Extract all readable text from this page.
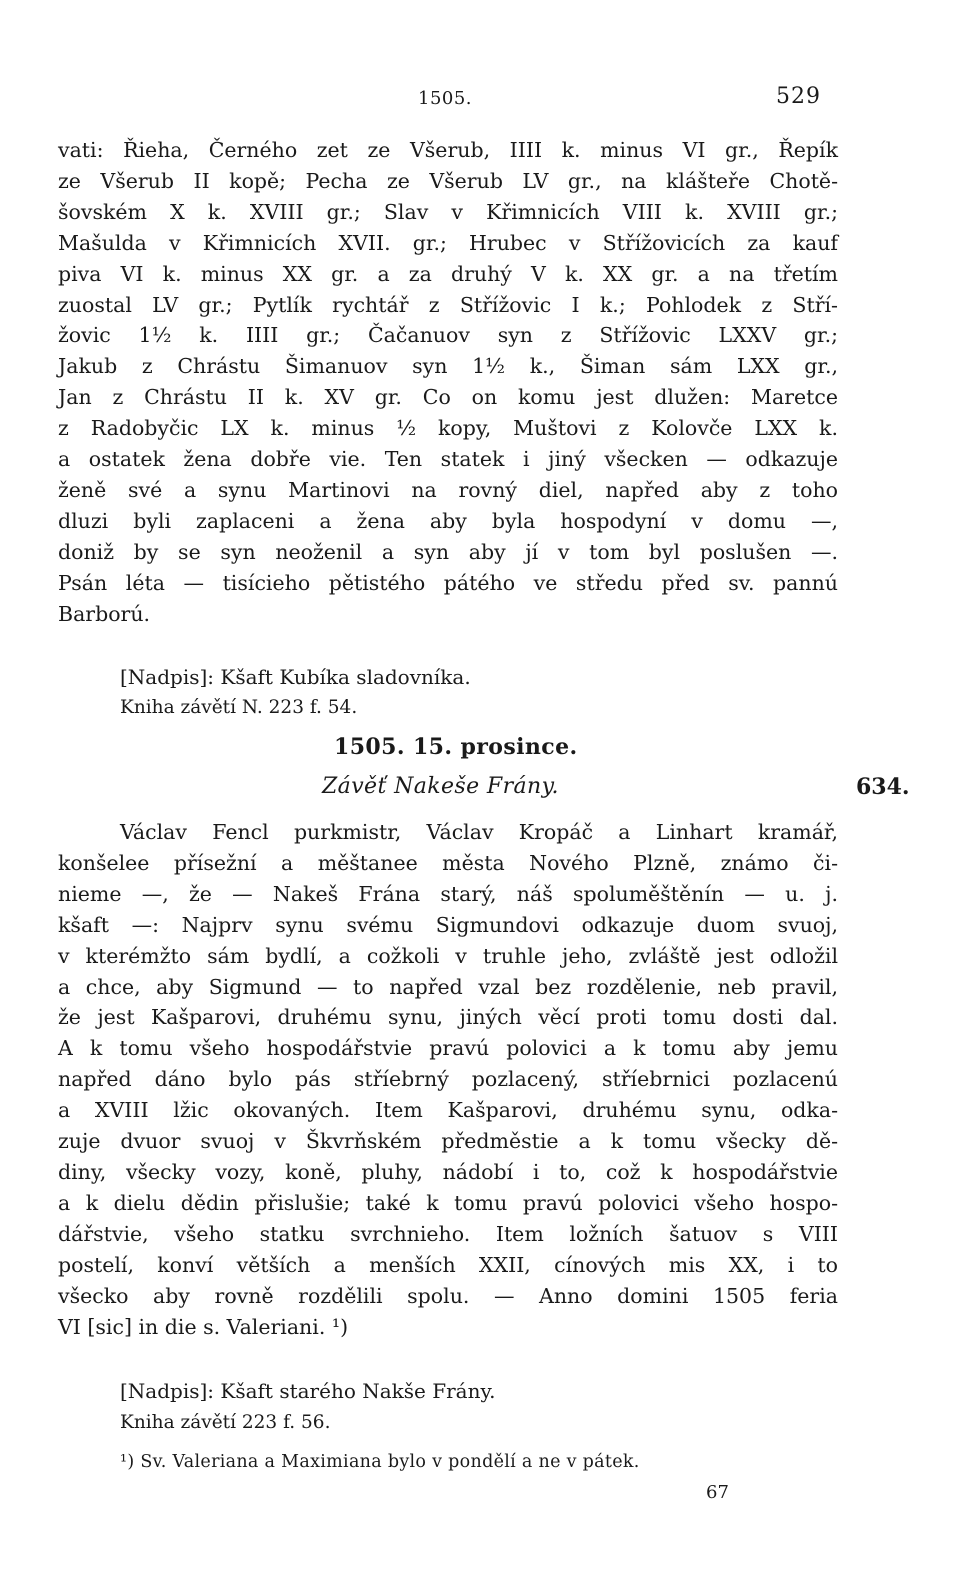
1505.	529
vati: Řieha, Černého zet ze Všerub, IIII k. minus VI gr., Řepík
ze Všerub II kopě; Pecha ze Všerub LV gr., na klášteře Chotě-
šovském X k. XVIII gr.; Slav v Křimnicích VIII k. XVIII gr.;
Mašulda v Křimnicích XVII. gr.; Hrubec v Střížovicích za kauf
piva VI k. minus XX gr. a za druhý V k. XX gr. a na třetím
zuostal LV gr.; Pytlík rychtář z Střížovic I k.; Pohlodek z Stří-
žovic 1½ k. IIII gr.; Čačanuov syn z Střížovic LXXV gr.;
Jakub z Chrástu Šimanuov syn 1½ k., Šiman sám LXX gr.,
Jan z Chrástu II k. XV gr. Co on komu jest dlužen: Maretce
z Radobyčic LX k. minus ½ kopy, Muštovi z Kolovče LXX k.
a ostatek žena dobře vie. Ten statek i jiný všecken — odkazuje
ženě své a synu Martinovi na rovný diel, napřed aby z toho
dluzi byli zaplaceni a žena aby byla hospodyní v domu —,
doniž by se syn neoženil a syn aby jí v tom byl poslušen —.
Psán léta — tisícieho pětistého pátého ve středu před sv. pannú
Barború.
[Nadpis]: Kšaft Kubíka sladovníka.
Kniha závětí N. 223 f. 54.
1505. 15. prosince.
Závěť Nakeše Frány.	634.
Václav Fencl purkmistr, Václav Kropáč a Linhart kramář,
konšelee přísežní a měštanee města Nového Plzně, známo či-
nieme —, že — Nakeš Frána starý, náš spoluměštěnín — u. j.
kšaft —: Najprv synu svému Sigmundovi odkazuje duom svuoj,
v kterémžto sám bydlí, a cožkoli v truhle jeho, zvláště jest odložil
a chce, aby Sigmund — to napřed vzal bez rozdělenie, neb pravil,
že jest Kašparovi, druhému synu, jiných věcí proti tomu dosti dal.
A k tomu všeho hospodářstvie pravú polovici a k tomu aby jemu
napřed dáno bylo pás stříebrný pozlacený, stříebrnici pozlacenú
a XVIII lžic okovaných. Item Kašparovi, druhému synu, odka-
zuje dvuor svuoj v Škvrňském předměstie a k tomu všecky dě-
diny, všecky vozy, koně, pluhy, nádobí i to, což k hospodářstvie
a k dielu dědin přislušie; také k tomu pravú polovici všeho hospo-
dářstvie, všeho statku svrchnieho. Item ložních šatuov s VIII
postelí, konví větších a menších XXII, cínových mis XX, i to
všecko aby rovně rozdělili spolu. — Anno domini 1505 feria
VI [sic] in die s. Valeriani. ¹)
[Nadpis]: Kšaft starého Nakše Frány.
Kniha závětí 223 f. 56.
¹) Sv. Valeriana a Maximiana bylo v pondělí a ne v pátek.
67
